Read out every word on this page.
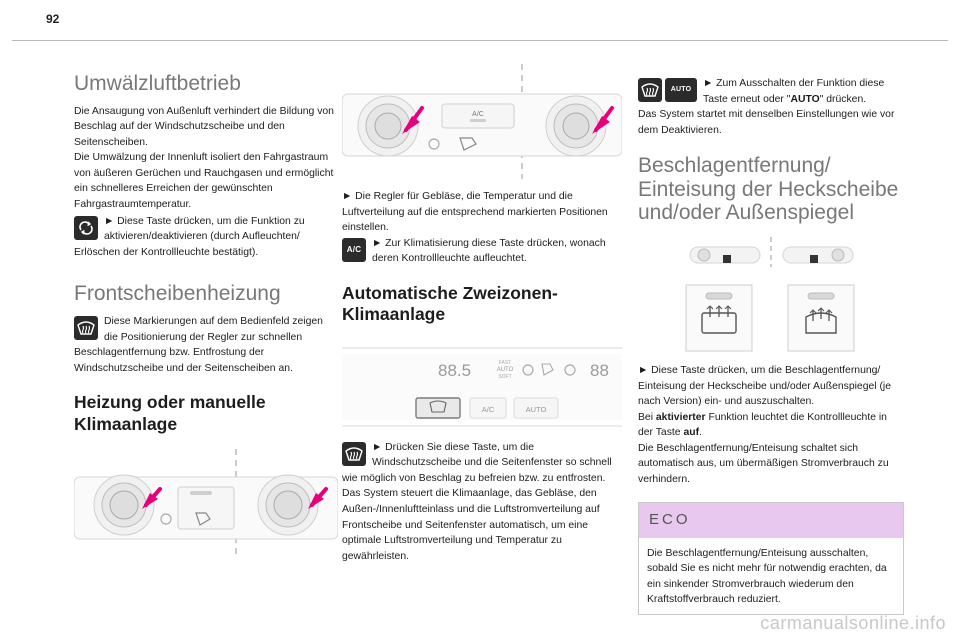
92
Umwälzluftbetrieb

Die Ansaugung von Außenluft verhindert die Bildung von Beschlag auf der Windschutzscheibe und den Seitenscheiben.

Die Umwälzung der Innenluft isoliert den Fahrgastraum von äußeren Gerüchen und Rauchgasen und ermöglicht ein schnelleres Erreichen der gewünschten Fahrgastraumtemperatur.

► Diese Taste drücken, um die Funktion zu aktivieren/deaktivieren (durch Aufleuchten/ Erlöschen der Kontrollleuchte bestätigt).
Frontscheibenheizung
Diese Markierungen auf dem Bedienfeld zeigen die Positionierung der Regler zur schnellen Beschlagentfernung bzw. Entfrostung der Windschutzscheibe und der Seitenscheiben an.
Heizung oder manuelle Klimaanlage
A/C

► Die Regler für Gebläse, die Temperatur und die Luftverteilung auf die entsprechend markierten Positionen einstellen.

A/C
► Zur Klimatisierung diese Taste drücken, wonach deren Kontrollleuchte aufleuchtet.
Automatische Zweizonen-Klimaanlage
88.5	FAST
AUTO
SOFT	88
A/C	AUTO
► Drücken Sie diese Taste, um die Windschutzscheibe und die Seitenfenster so schnell wie möglich von Beschlag zu befreien bzw. zu entfrosten.

Das System steuert die Klimaanlage, das Gebläse, den Außen-/Innenluftteinlass und die Luftstromverteilung auf Frontscheibe und Seitenfenster automatisch, um eine optimale Luftstromverteilung und Temperatur zu gewährleisten.

AUTO
► Zum Ausschalten der Funktion diese Taste erneut oder "AUTO" drücken.

Das System startet mit denselben Einstellungen wie vor dem Deaktivieren.

Beschlagentfernung/ Einteisung der Heckscheibe und/oder Außenspiegel

► Diese Taste drücken, um die Beschlagentfernung/ Einteisung der Heckscheibe und/oder Außenspiegel (je nach Version) ein- und auszuschalten.

Bei aktivierter Funktion leuchtet die Kontrollleuchte in der Taste auf.

Die Beschlagentfernung/Enteisung schaltet sich automatisch aus, um übermäßigen Stromverbrauch zu verhindern.

ECO
Die Beschlagentfernung/Enteisung ausschalten, sobald Sie es nicht mehr für notwendig erachten, da ein sinkender Stromverbrauch wiederum den Kraftstoffverbrauch reduziert.
carmanualsonline.info
